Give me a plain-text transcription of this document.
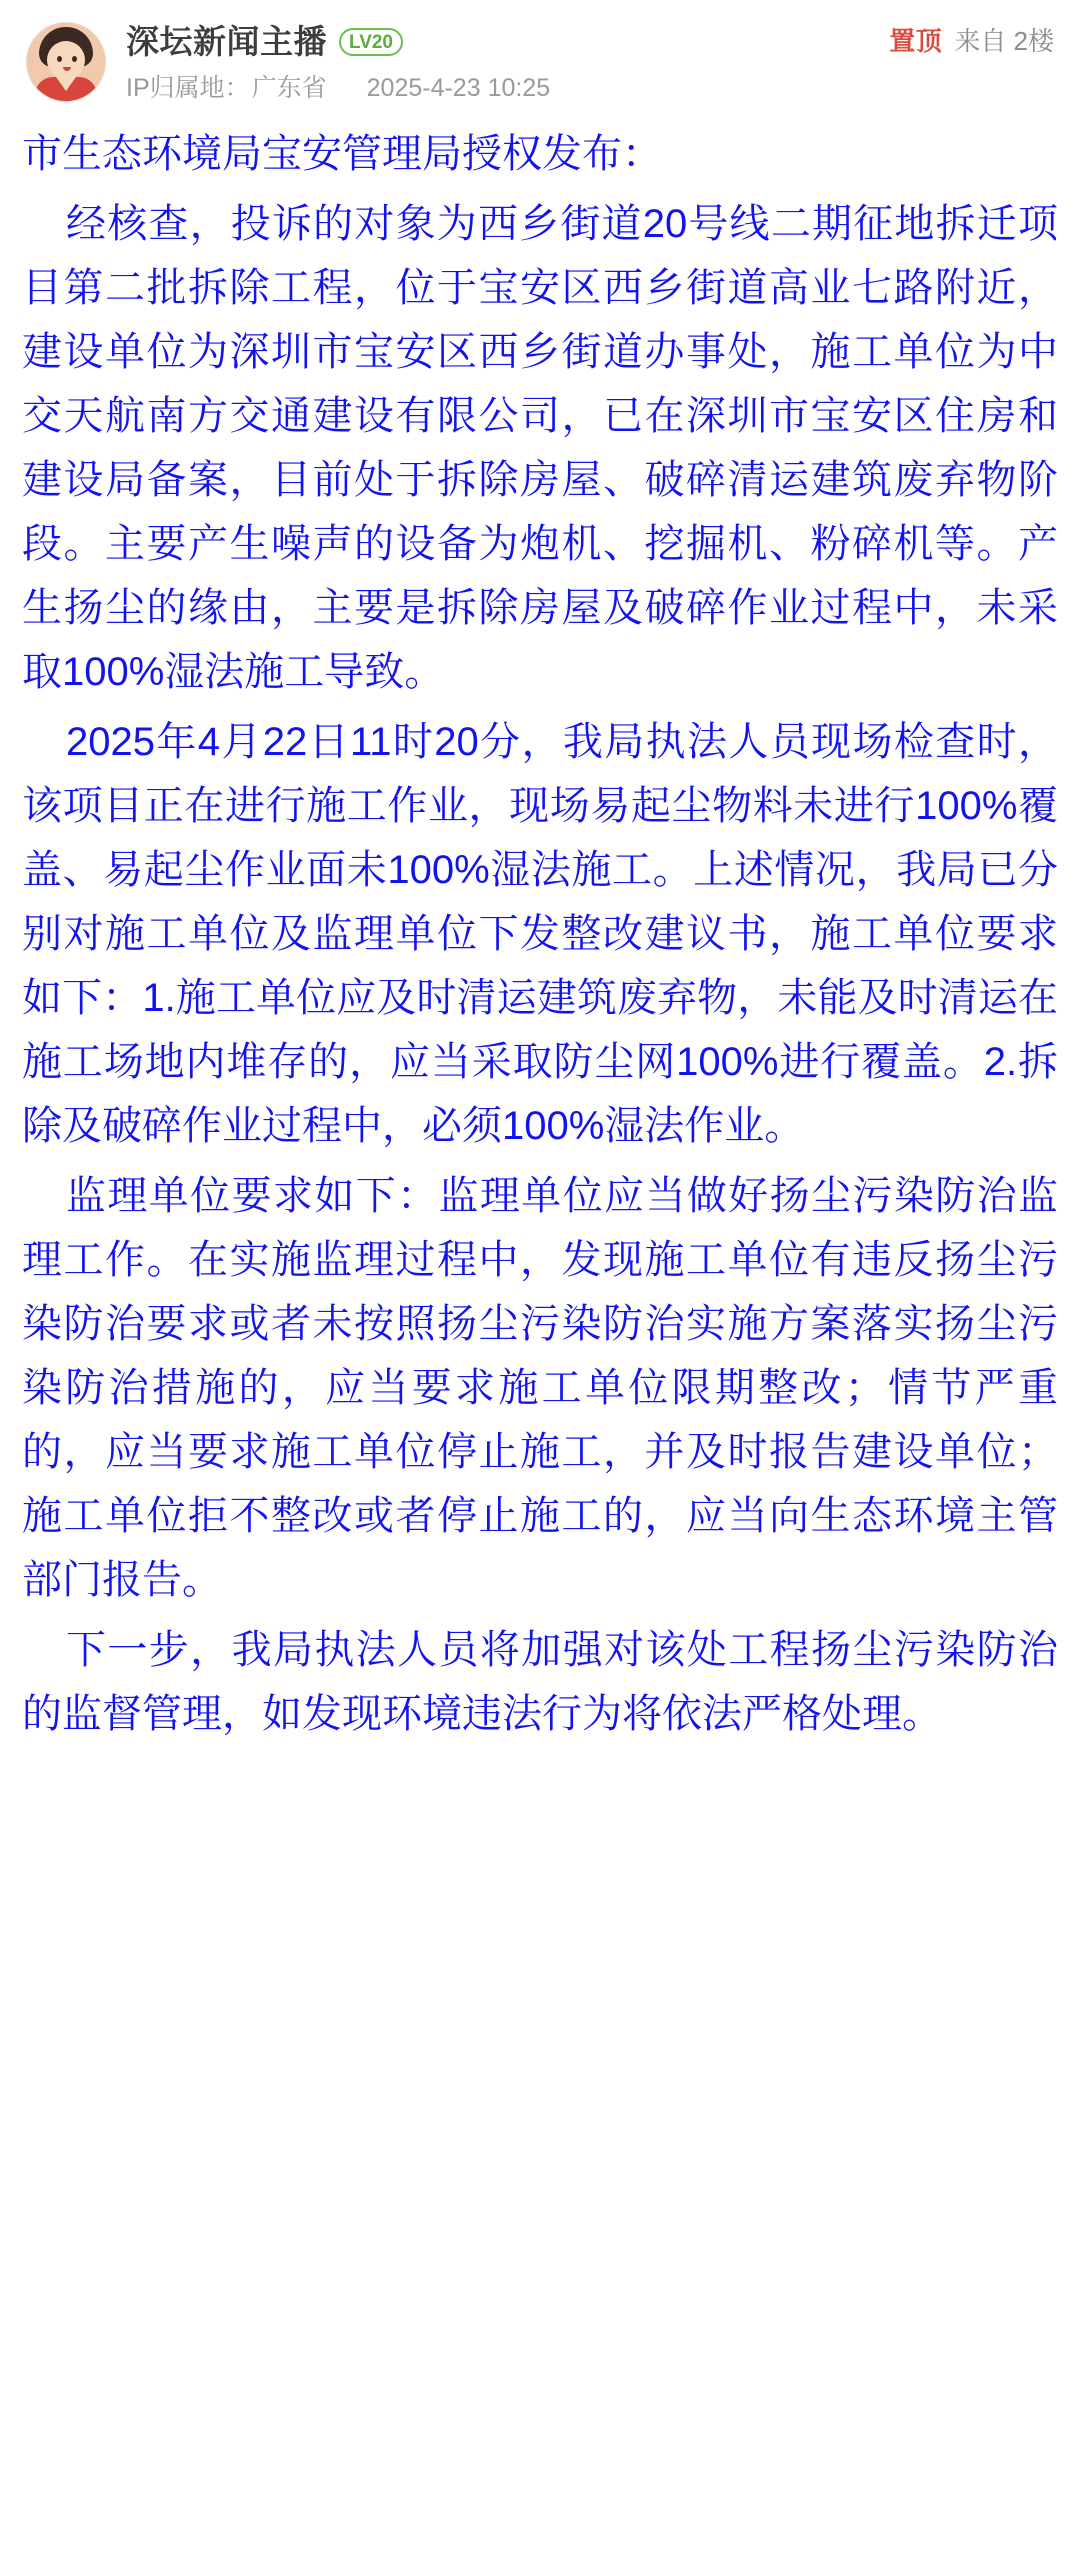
深坛新闻主播	LV20
IP归属地： 广东省 2025-4-23 10:25
置顶 来自 2楼

市生态环境局宝安管理局授权发布：

经核查，投诉的对象为西乡街道20号线二期征地拆迁项目第二批拆除工程，位于宝安区西乡街道高业七路附近，建设单位为深圳市宝安区西乡街道办事处，施工单位为中交天航南方交通建设有限公司，已在深圳市宝安区住房和建设局备案，目前处于拆除房屋、破碎清运建筑废弃物阶段。主要产生噪声的设备为炮机、挖掘机、粉碎机等。产生扬尘的缘由，主要是拆除房屋及破碎作业过程中，未采取100%湿法施工导致。

2025年4月22日11时20分，我局执法人员现场检查时，该项目正在进行施工作业，现场易起尘物料未进行100%覆盖、易起尘作业面未100%湿法施工。上述情况，我局已分别对施工单位及监理单位下发整改建议书，施工单位要求如下：1.施工单位应及时清运建筑废弃物，未能及时清运在施工场地内堆存的，应当采取防尘网100%进行覆盖。2.拆除及破碎作业过程中，必须100%湿法作业。

监理单位要求如下：监理单位应当做好扬尘污染防治监理工作。在实施监理过程中，发现施工单位有违反扬尘污染防治要求或者未按照扬尘污染防治实施方案落实扬尘污染防治措施的，应当要求施工单位限期整改；情节严重的，应当要求施工单位停止施工，并及时报告建设单位；施工单位拒不整改或者停止施工的，应当向生态环境主管部门报告。

下一步，我局执法人员将加强对该处工程扬尘污染防治的监督管理，如发现环境违法行为将依法严格处理。
